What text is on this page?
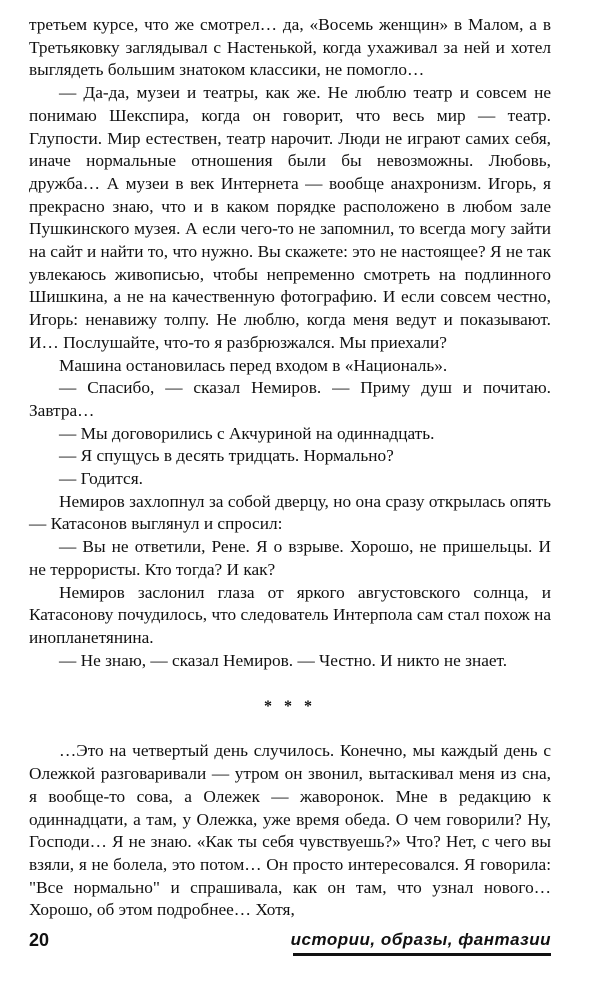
третьем курсе, что же смотрел… да, «Восемь женщин» в Малом, а в Третьяковку заглядывал с Настенькой, когда ухаживал за ней и хотел выглядеть большим знатоком классики, не помогло…

— Да-да, музеи и театры, как же. Не люблю театр и совсем не понимаю Шекспира, когда он говорит, что весь мир — театр. Глупости. Мир естествен, театр нарочит. Люди не играют самих себя, иначе нормальные отношения были бы невозможны. Любовь, дружба… А музеи в век Интернета — вообще анахронизм. Игорь, я прекрасно знаю, что и в каком порядке расположено в любом зале Пушкинского музея. А если чего-то не запомнил, то всегда могу зайти на сайт и найти то, что нужно. Вы скажете: это не настоящее? Я не так увлекаюсь живописью, чтобы непременно смотреть на подлинного Шишкина, а не на качественную фотографию. И если совсем честно, Игорь: ненавижу толпу. Не люблю, когда меня ведут и показывают. И… Послушайте, что-то я разбрюзжался. Мы приехали?

Машина остановилась перед входом в «Националь».

— Спасибо, — сказал Немиров. — Приму душ и почитаю. Завтра…

— Мы договорились с Акчуриной на одиннадцать.

— Я спущусь в десять тридцать. Нормально?

— Годится.

Немиров захлопнул за собой дверцу, но она сразу открылась опять — Катасонов выглянул и спросил:

— Вы не ответили, Рене. Я о взрыве. Хорошо, не пришельцы. И не террористы. Кто тогда? И как?

Немиров заслонил глаза от яркого августовского солнца, и Катасонову почудилось, что следователь Интерпола сам стал похож на инопланетянина.

— Не знаю, — сказал Немиров. — Честно. И никто не знает.

* * *

…Это на четвертый день случилось. Конечно, мы каждый день с Олежкой разговаривали — утром он звонил, вытаскивал меня из сна, я вообще-то сова, а Олежек — жаворонок. Мне в редакцию к одиннадцати, а там, у Олежка, уже время обеда. О чем говорили? Ну, Господи… Я не знаю. «Как ты себя чувствуешь?» Что? Нет, с чего вы взяли, я не болела, это потом… Он просто интересовался. Я говорила: "Все нормально" и спрашивала, как он там, что узнал нового… Хорошо, об этом подробнее… Хотя,

20	истории, образы, фантазии
